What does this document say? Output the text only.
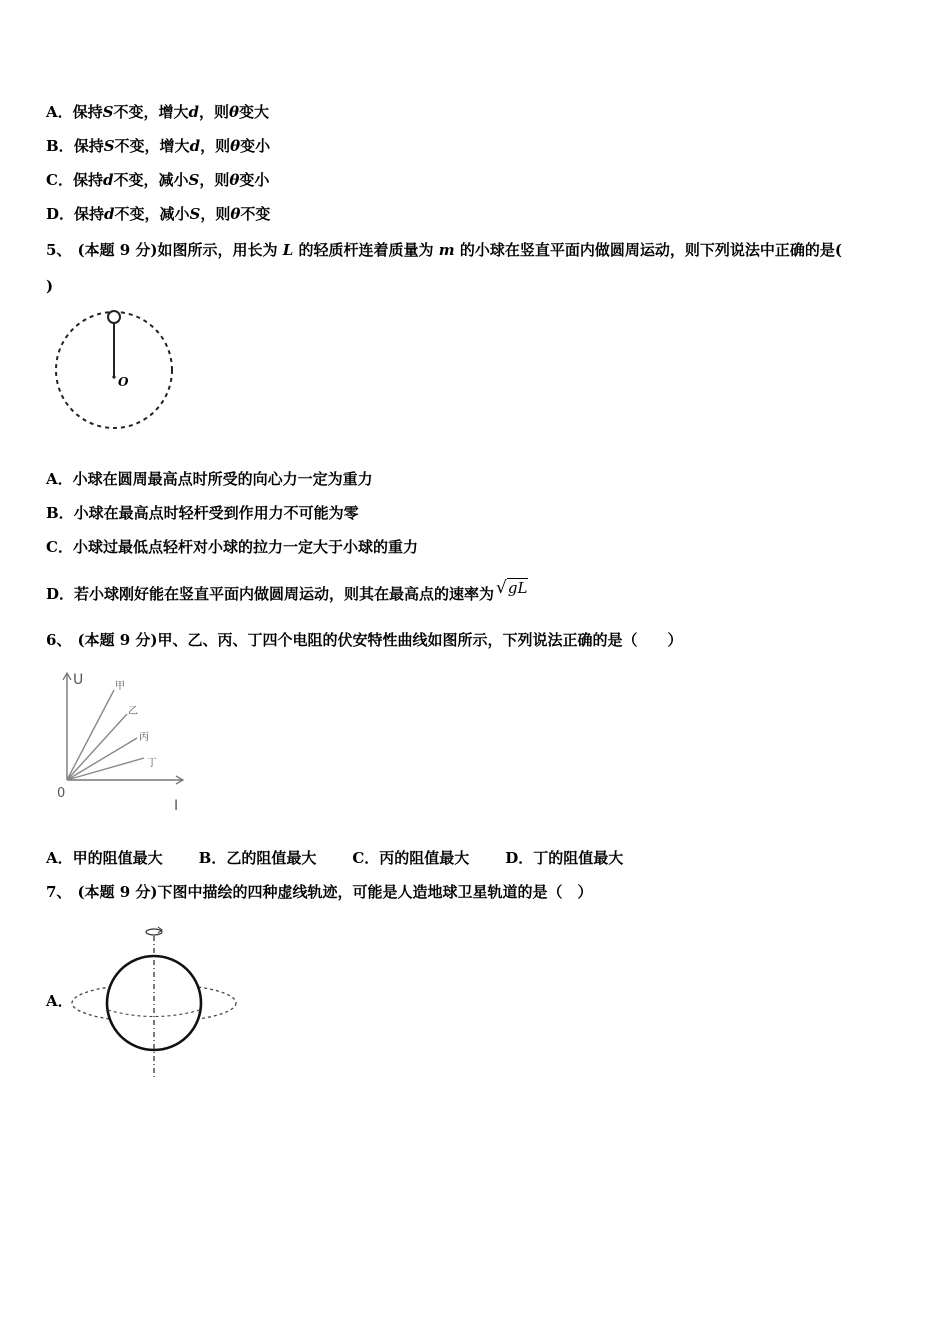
A．保持S不变，增大d，则θ变大
B．保持S不变，增大d，则θ变小
C．保持d不变，减小S，则θ变小
D．保持d不变，减小S，则θ不变
5、 (本题 9 分)如图所示，用长为 L 的轻质杆连着质量为 m 的小球在竖直平面内做圆周运动，则下列说法中正确的是(
)
O
A．小球在圆周最高点时所受的向心力一定为重力
B．小球在最高点时轻杆受到作用力不可能为零
C．小球过最低点轻杆对小球的拉力一定大于小球的重力
D．若小球刚好能在竖直平面内做圆周运动，则其在最高点的速率为 √gL
6、 (本题 9 分)甲、乙、丙、丁四个电阻的伏安特性曲线如图所示，下列说法正确的是（　　）
U
I
0
甲
乙
丙
丁
A．甲的阻值最大 B．乙的阻值最大 C．丙的阻值最大 D．丁的阻值最大
7、 (本题 9 分)下图中描绘的四种虚线轨迹，可能是人造地球卫星轨道的是（　）
A．
